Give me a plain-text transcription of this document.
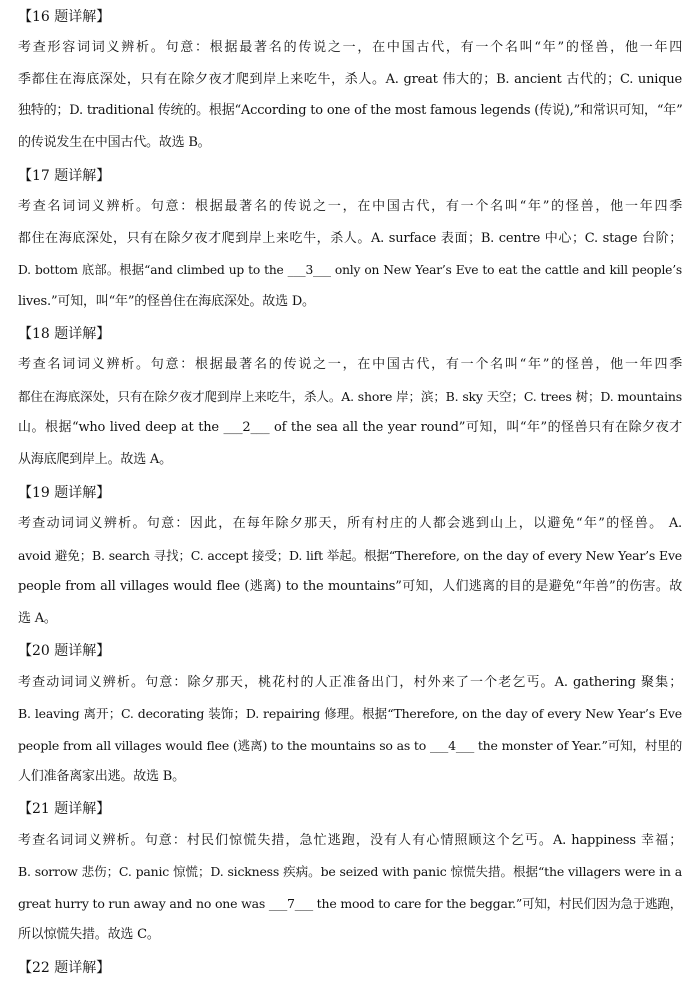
【16 题详解】
考查形容词词义辨析。句意：根据最著名的传说之一，在中国古代，有一个名叫“年”的怪兽，他一年四
季都住在海底深处，只有在除夕夜才爬到岸上来吃牛，杀人。A. great 伟大的；B. ancient 古代的；C. unique
独特的；D. traditional 传统的。根据“According to one of the most famous legends (传说),”和常识可知，“年”
的传说发生在中国古代。故选 B。
【17 题详解】
考查名词词义辨析。句意：根据最著名的传说之一，在中国古代，有一个名叫“年”的怪兽，他一年四季
都住在海底深处，只有在除夕夜才爬到岸上来吃牛，杀人。A. surface 表面；B. centre 中心；C. stage 台阶；
D. bottom 底部。根据“and climbed up to the ___3___ only on New Year’s Eve to eat the cattle and kill people’s
lives.”可知，叫“年”的怪兽住在海底深处。故选 D。
【18 题详解】
考查名词词义辨析。句意：根据最著名的传说之一，在中国古代，有一个名叫“年”的怪兽，他一年四季
都住在海底深处，只有在除夕夜才爬到岸上来吃牛，杀人。A. shore 岸；滨；B. sky 天空；C. trees 树；D. mountains
山。根据“who lived deep at the ___2___ of the sea all the year round”可知，叫“年”的怪兽只有在除夕夜才
从海底爬到岸上。故选 A。
【19 题详解】
考查动词词义辨析。句意：因此，在每年除夕那天，所有村庄的人都会逃到山上，以避免“年”的怪兽。 A.
avoid 避免；B. search 寻找；C. accept 接受；D. lift 举起。根据“Therefore, on the day of every New Year’s Eve
people from all villages would flee (逃离) to the mountains”可知，人们逃离的目的是避免“年兽”的伤害。故
选 A。
【20 题详解】
考查动词词义辨析。句意：除夕那天，桃花村的人正准备出门，村外来了一个老乞丐。A. gathering 聚集；
B. leaving 离开；C. decorating 装饰；D. repairing 修理。根据“Therefore, on the day of every New Year’s Eve
people from all villages would flee (逃离) to the mountains so as to ___4___ the monster of Year.”可知，村里的
人们准备离家出逃。故选 B。
【21 题详解】
考查名词词义辨析。句意：村民们惊慌失措，急忙逃跑，没有人有心情照顾这个乞丐。A. happiness 幸福；
B. sorrow 悲伤；C. panic 惊慌；D. sickness 疾病。be seized with panic 惊慌失措。根据“the villagers were in a
great hurry to run away and no one was ___7___ the mood to care for the beggar.”可知，村民们因为急于逃跑，
所以惊慌失措。故选 C。
【22 题详解】
